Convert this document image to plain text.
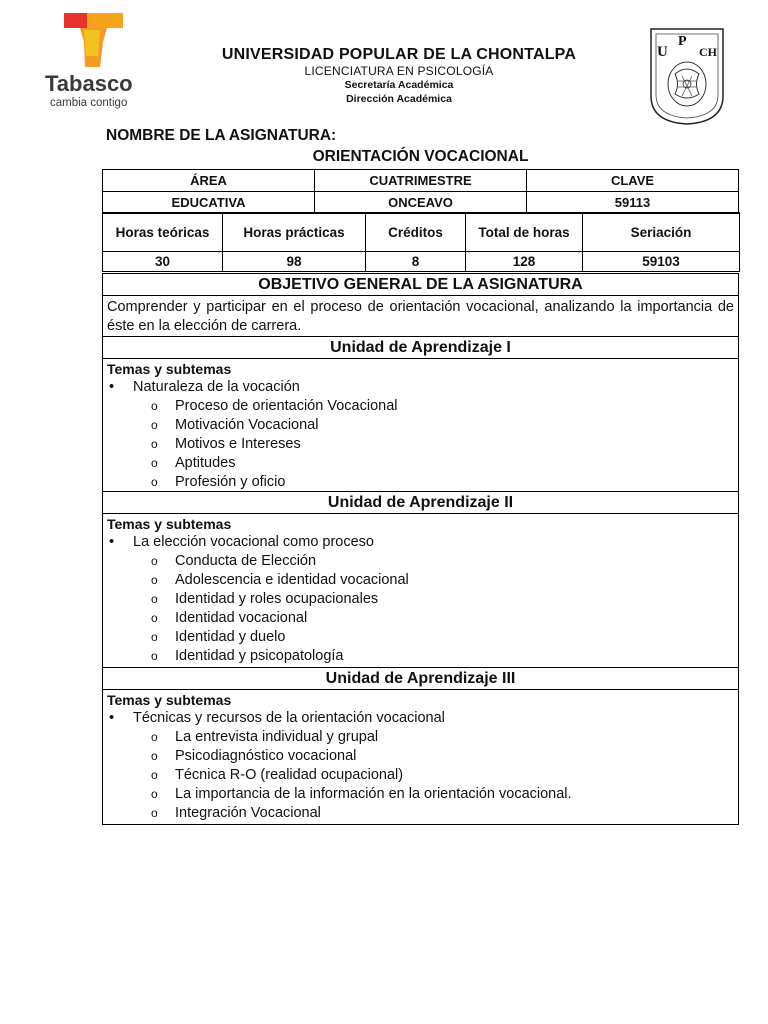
Tabasco
cambia contigo
U
P
CH
UNIVERSIDAD POPULAR DE LA CHONTALPA
LICENCIATURA EN PSICOLOGÍA
Secretaría Académica
Dirección Académica
NOMBRE DE LA ASIGNATURA:
ORIENTACIÓN VOCACIONAL
ÁREA	CUATRIMESTRE	CLAVE
EDUCATIVA	ONCEAVO	59113
Horas teóricas	Horas prácticas	Créditos	Total de horas	Seriación
30	98	8	128	59103
OBJETIVO GENERAL DE LA ASIGNATURA
Comprender y participar en el proceso de orientación vocacional, analizando la importancia de éste en la elección de carrera.
Unidad de Aprendizaje I
Temas y subtemas
• Naturaleza de la vocación
o Proceso de orientación Vocacional
o Motivación Vocacional
o Motivos e Intereses
o Aptitudes
o Profesión y oficio
Unidad de Aprendizaje II
Temas y subtemas
• La elección vocacional como proceso
o Conducta de Elección
o Adolescencia e identidad vocacional
o Identidad y roles ocupacionales
o Identidad vocacional
o Identidad y duelo
o Identidad y psicopatología
Unidad de Aprendizaje III
Temas y subtemas
• Técnicas y recursos de la orientación vocacional
o La entrevista individual y grupal
o Psicodiagnóstico vocacional
o Técnica R-O (realidad ocupacional)
o La importancia de la información en la orientación vocacional.
o Integración Vocacional
